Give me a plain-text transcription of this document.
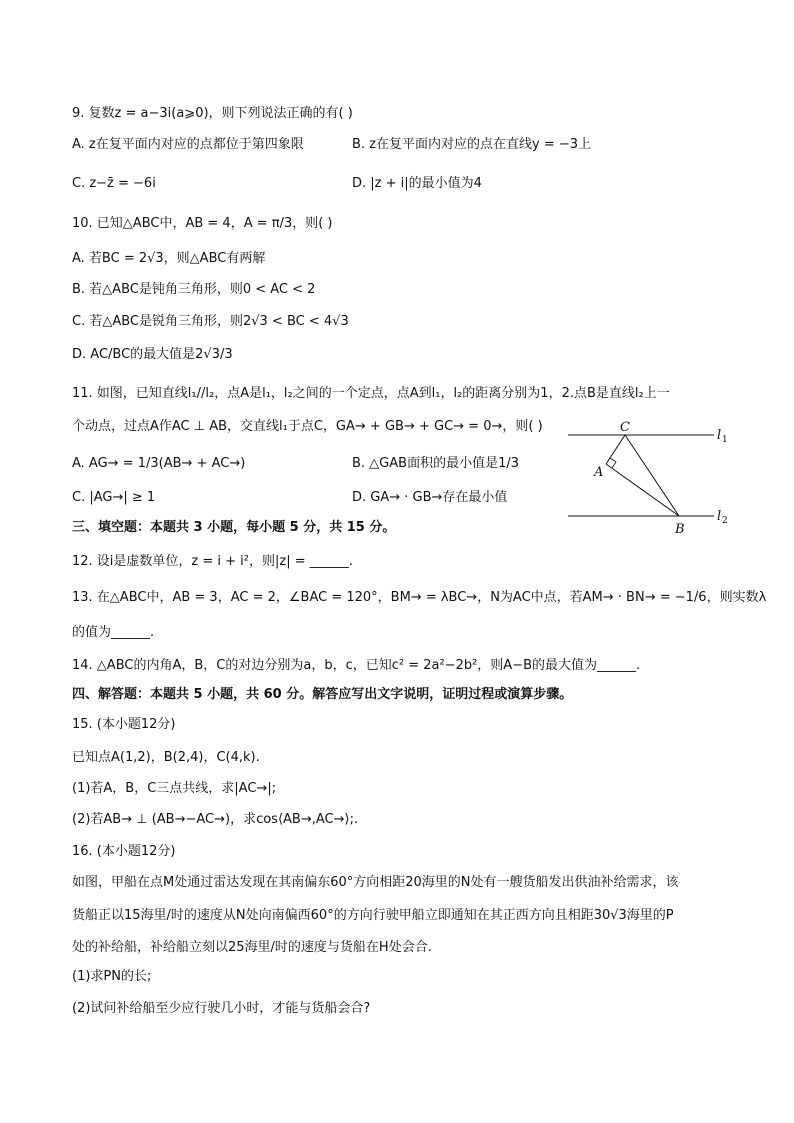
9. 复数z = a−3i(a⩾0)，则下列说法正确的有( )
A. z在复平面内对应的点都位于第四象限	B. z在复平面内对应的点在直线y = −3上
C. z−z̄ = −6i	D. |z + i|的最小值为4
10. 已知△ABC中，AB = 4，A = π/3，则( )
A. 若BC = 2√3，则△ABC有两解
B. 若△ABC是钝角三角形，则0 < AC < 2
C. 若△ABC是锐角三角形，则2√3 < BC < 4√3
D. AC/BC的最大值是2√3/3
11. 如图，已知直线l₁//l₂，点A是l₁，l₂之间的一个定点，点A到l₁，l₂的距离分别为1，2.点B是直线l₂上一
个动点，过点A作AC ⊥ AB，交直线l₁于点C，GA→ + GB→ + GC→ = 0→，则( )
A. AG→ = 1/3(AB→ + AC→)	B. △GAB面积的最小值是1/3
C. |AG→| ≥ 1	D. GA→ · GB→存在最小值
C
A
B
l 1
l 2
三、填空题：本题共 3 小题，每小题 5 分，共 15 分。
12. 设i是虚数单位，z = i + i²，则|z| = ______.
13. 在△ABC中，AB = 3，AC = 2，∠BAC = 120°，BM→ = λBC→，N为AC中点，若AM→ · BN→ = −1/6，则实数λ
的值为______.
14. △ABC的内角A，B，C的对边分别为a，b，c，已知c² = 2a²−2b²，则A−B的最大值为______.
四、解答题：本题共 5 小题，共 60 分。解答应写出文字说明，证明过程或演算步骤。
15. (本小题12分)
已知点A(1,2)，B(2,4)，C(4,k).
(1)若A，B，C三点共线，求|AC→|;
(2)若AB→ ⊥ (AB→−AC→)，求cos⟨AB→,AC→⟩;.
16. (本小题12分)
如图，甲船在点M处通过雷达发现在其南偏东60°方向相距20海里的N处有一艘货船发出供油补给需求，该
货船正以15海里/时的速度从N处向南偏西60°的方向行驶甲船立即通知在其正西方向且相距30√3海里的P
处的补给船，补给船立刻以25海里/时的速度与货船在H处会合.
(1)求PN的长;
(2)试问补给船至少应行驶几小时，才能与货船会合?
